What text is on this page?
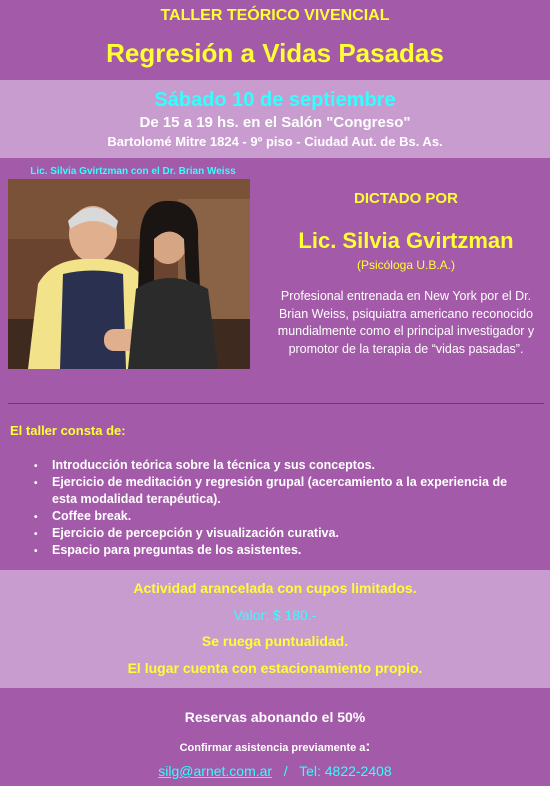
TALLER TEÓRICO VIVENCIAL
Regresión a Vidas Pasadas
Sábado 10 de septiembre
De 15 a 19 hs. en el Salón "Congreso"
Bartolomé Mitre 1824 - 9º piso - Ciudad Aut. de Bs. As.
Lic. Silvia Gvirtzman con el Dr. Brian Weiss
DICTADO POR
Lic. Silvia Gvirtzman
(Psicóloga U.B.A.)
Profesional entrenada en New York por el Dr. Brian Weiss, psiquiatra americano reconocido mundialmente como el principal investigador y promotor de la terapia de “vidas pasadas”.
El taller consta de:
• Introducción teórica sobre la técnica y sus conceptos.
• Ejercicio de meditación y regresión grupal (acercamiento a la experiencia de esta modalidad terapéutica).
• Coffee break.
• Ejercicio de percepción y visualización curativa.
• Espacio para preguntas de los asistentes.
Actividad arancelada con cupos limitados.
Valor: $ 180.-
Se ruega puntualidad.
El lugar cuenta con estacionamiento propio.
Reservas abonando el 50%
Confirmar asistencia previamente a:
silg@arnet.com.ar / Tel: 4822-2408
